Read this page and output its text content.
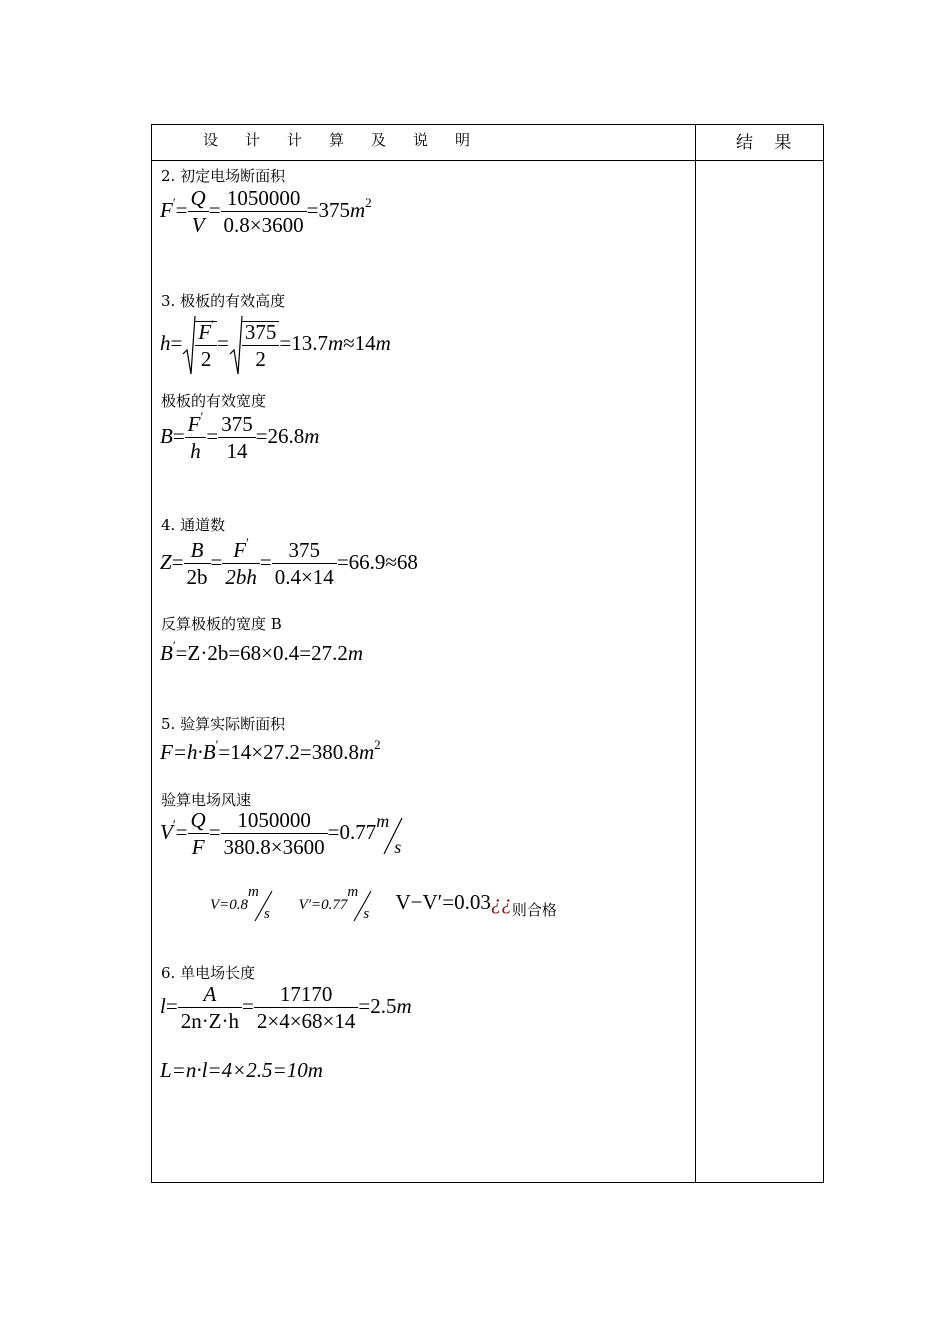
设 计 计 算 及 说 明	结 果
2. 初定电场断面积
$F'= \frac{Q}{V} = \frac{1050000}{0.8\times 3600} =375m^2$
3. 极板的有效高度
$h= \frac{F'}{2} = \frac{375}{2} =13.7m\approx 14m$
极板的有效宽度
$B= \frac{F'}{h} = \frac{375}{14} =26.8m$
4. 通道数
$Z= \frac{B}{2b} = \frac{F'}{2bh} = \frac{375}{0.4\times 14} =66.9\approx 68$
反算极板的宽度 B
B′=Z·2b=68×0.4=27.2m
5. 验算实际断面积
$F=h\cdot B'=14\times 27.2=380.8m^2$
验算电场风速
$V'= \frac{Q}{F} = \frac{1050000}{380.8\times 3600} =0.77$ m
s
V=0.8
m
s
V′=0.77
m
s
$V-V'=0.03¿¿_{则合格}$
6. 单电场长度
$l= \frac{A}{2n\cdot Z\cdot h} = \frac{17170}{2\times 4\times 68\times 14} =2.5m$
L=n·l=4×2.5=10m
